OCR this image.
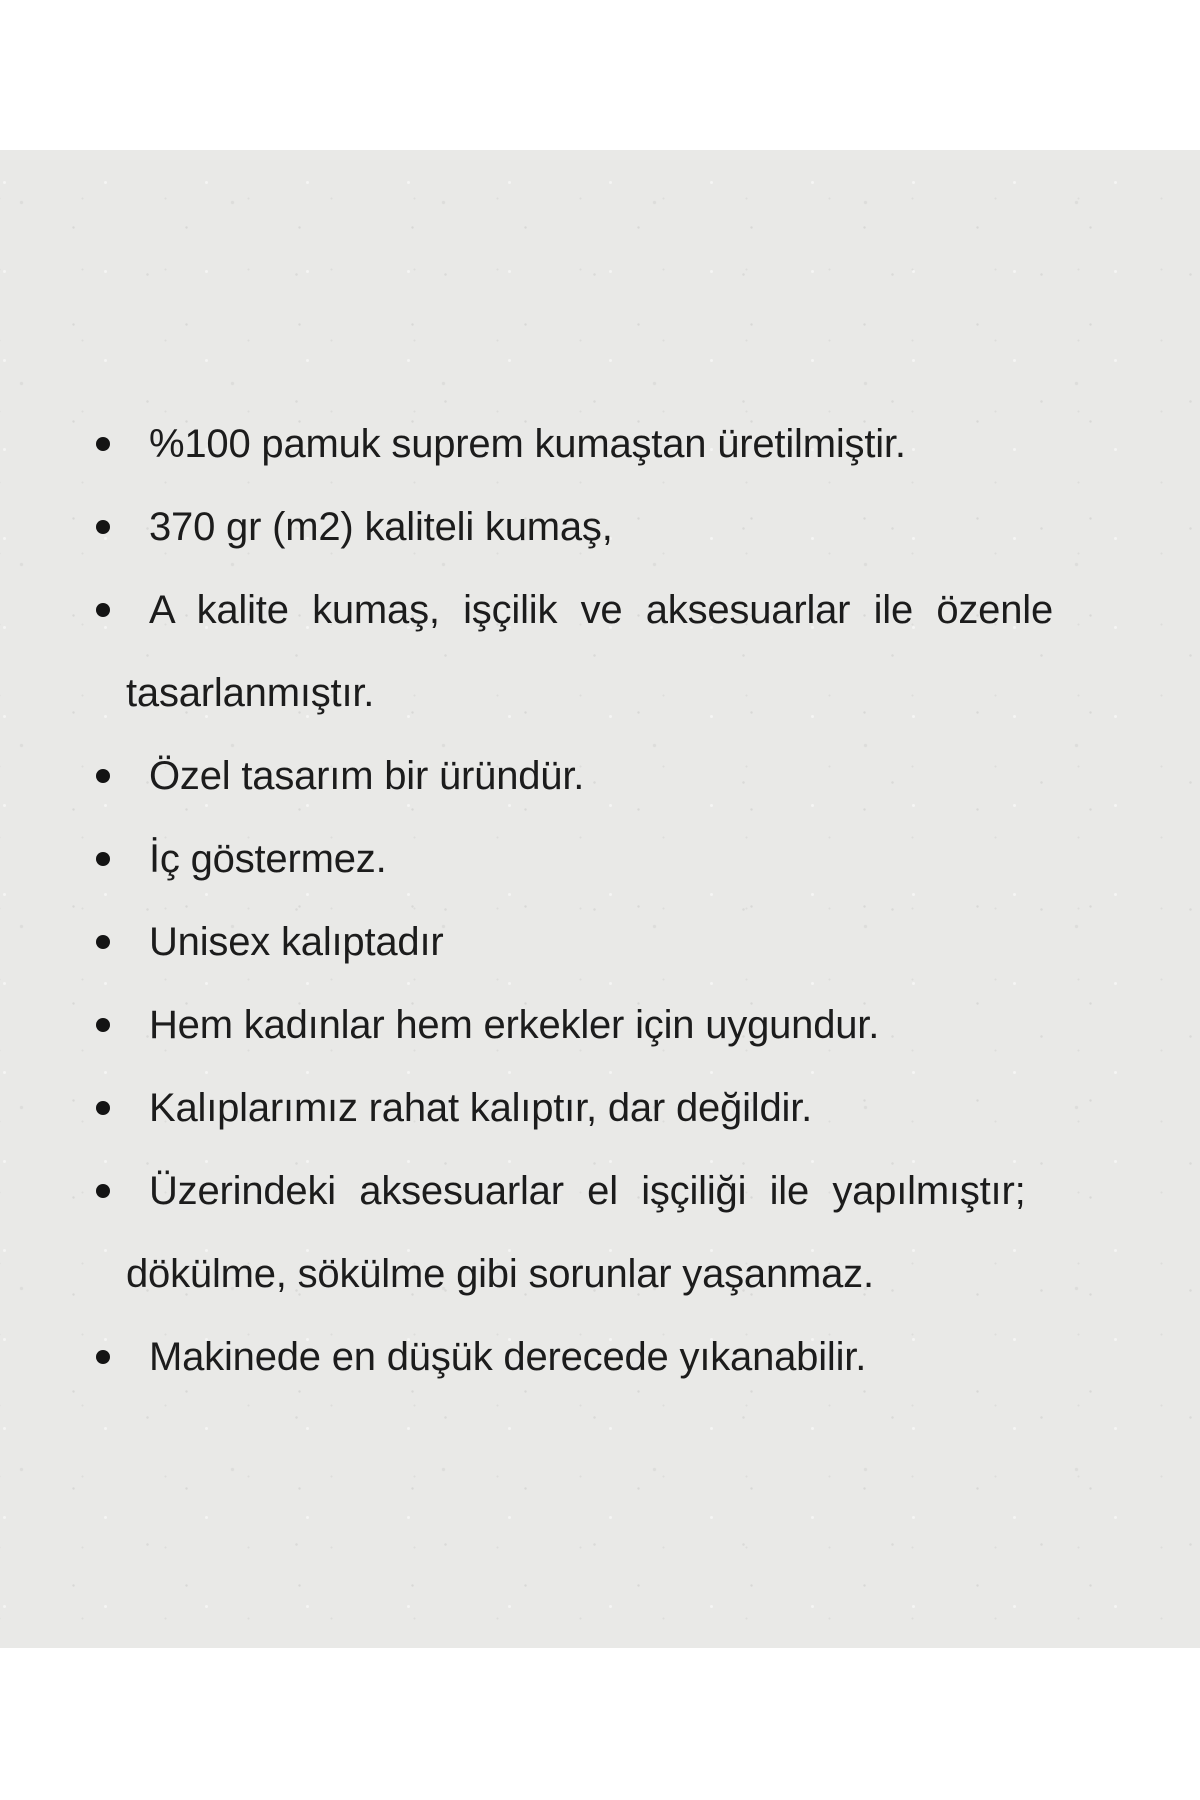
%100 pamuk suprem kumaştan üretilmiştir.
370 gr (m2) kaliteli kumaş,
A kalite kumaş, işçilik ve aksesuarlar ile özenle
tasarlanmıştır.
Özel tasarım bir üründür.
İç göstermez.
Unisex kalıptadır
Hem kadınlar hem erkekler için uygundur.
Kalıplarımız rahat kalıptır, dar değildir.
Üzerindeki aksesuarlar el işçiliği ile yapılmıştır;
dökülme, sökülme gibi sorunlar yaşanmaz.
Makinede en düşük derecede yıkanabilir.
